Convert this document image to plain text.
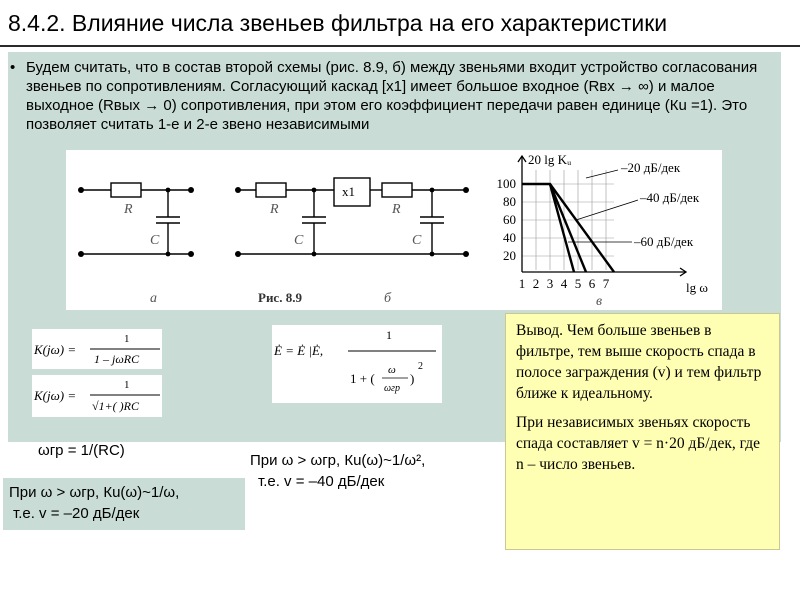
8.4.2. Влияние числа звеньев фильтра на его характеристики
• Будем считать, что в состав второй схемы (рис. 8.9, б) между звеньями входит устройство согласования звеньев по сопротивлениям. Согласующий каскад [x1] имеет большое входное (Rвх → ∞) и малое выходное (Rвых → 0) сопротивления, при этом его коэффициент передачи равен единице (Кu =1). Это позволяет считать 1-е и 2-е звено независимыми
R
C
R
C
R
C
а	б	в
x1
Рис. 8.9
20 lg Kᵤ
lg ω
–20 дБ/дек
–40 дБ/дек
–60 дБ/дек
100
80
60
40
20
1 2 3 4 5 6 7
K(jω) =
1
1 – jωRC
K(jω) =
1
√1+( )RC
Ė = Ė |Ė,
1
1 + (
ω
ωгр
)
2
ωгр = 1/(RC)
При ω > ωгр, Кu(ω)~1/ω²,
т.е. v = –40 дБ/дек
При ω > ωгр, Кu(ω)~1/ω,
т.е. v = –20 дБ/дек

Вывод. Чем больше звеньев в фильтре, тем выше скорость спада в полосе заграждения (v) и тем фильтр ближе к идеальному.

При независимых звеньях скорость спада составляет v = n·20 дБ/дек, где n – число звеньев.
